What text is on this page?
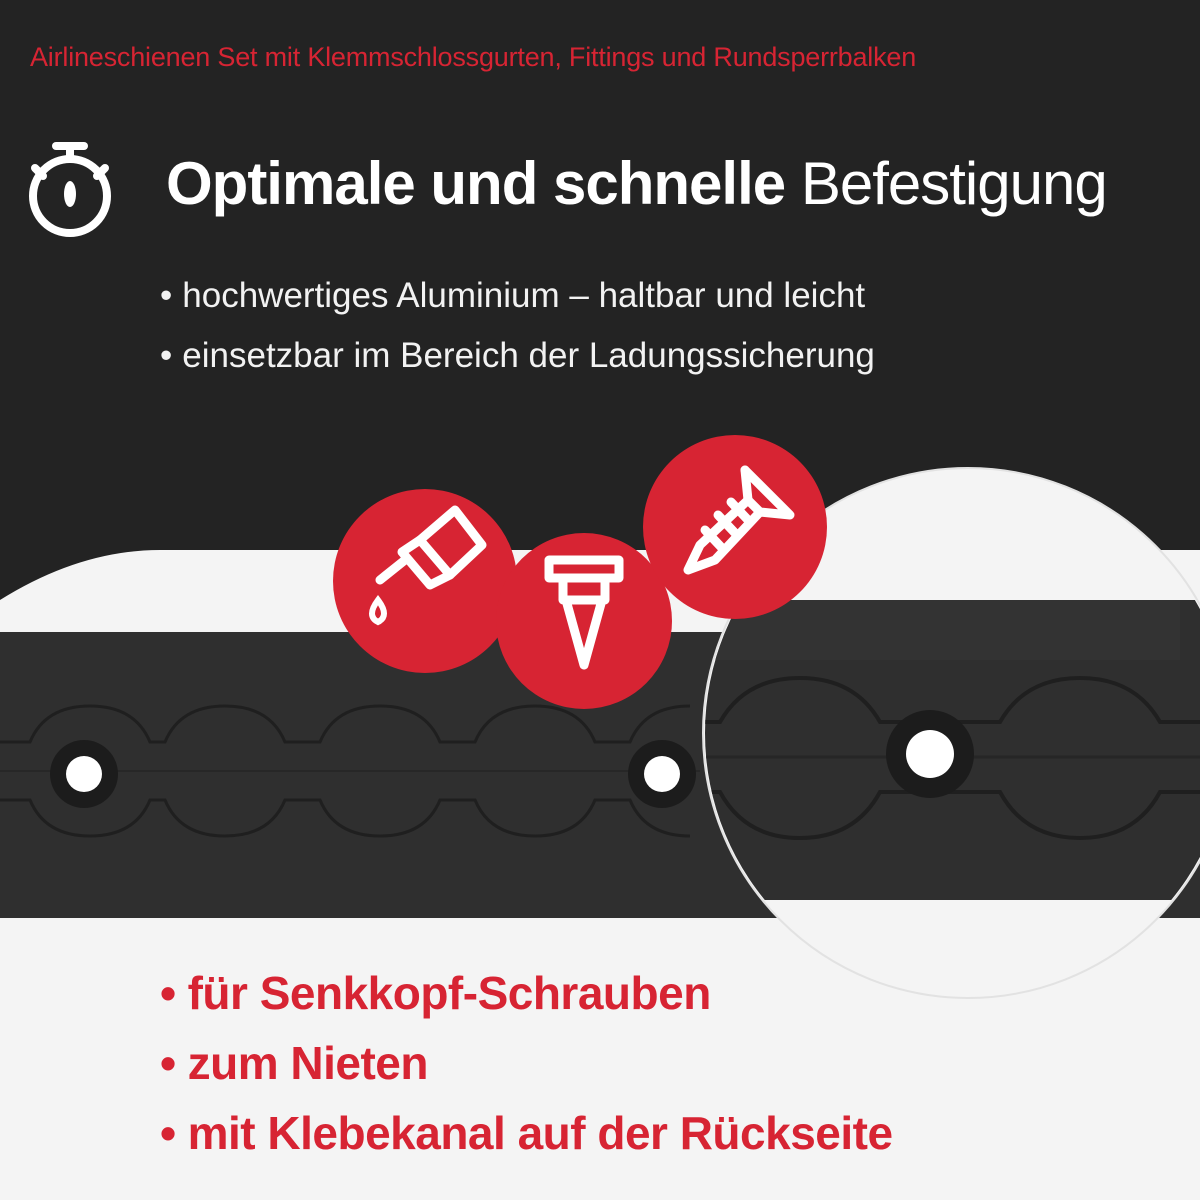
Airlineschienen Set mit Klemmschlossgurten, Fittings und Rundsperrbalken
Optimale und schnelle Befestigung
• hochwertiges Aluminium – haltbar und leicht
• einsetzbar im Bereich der Ladungssicherung
• für Senkkopf-Schrauben
• zum Nieten
• mit Klebekanal auf der Rückseite
